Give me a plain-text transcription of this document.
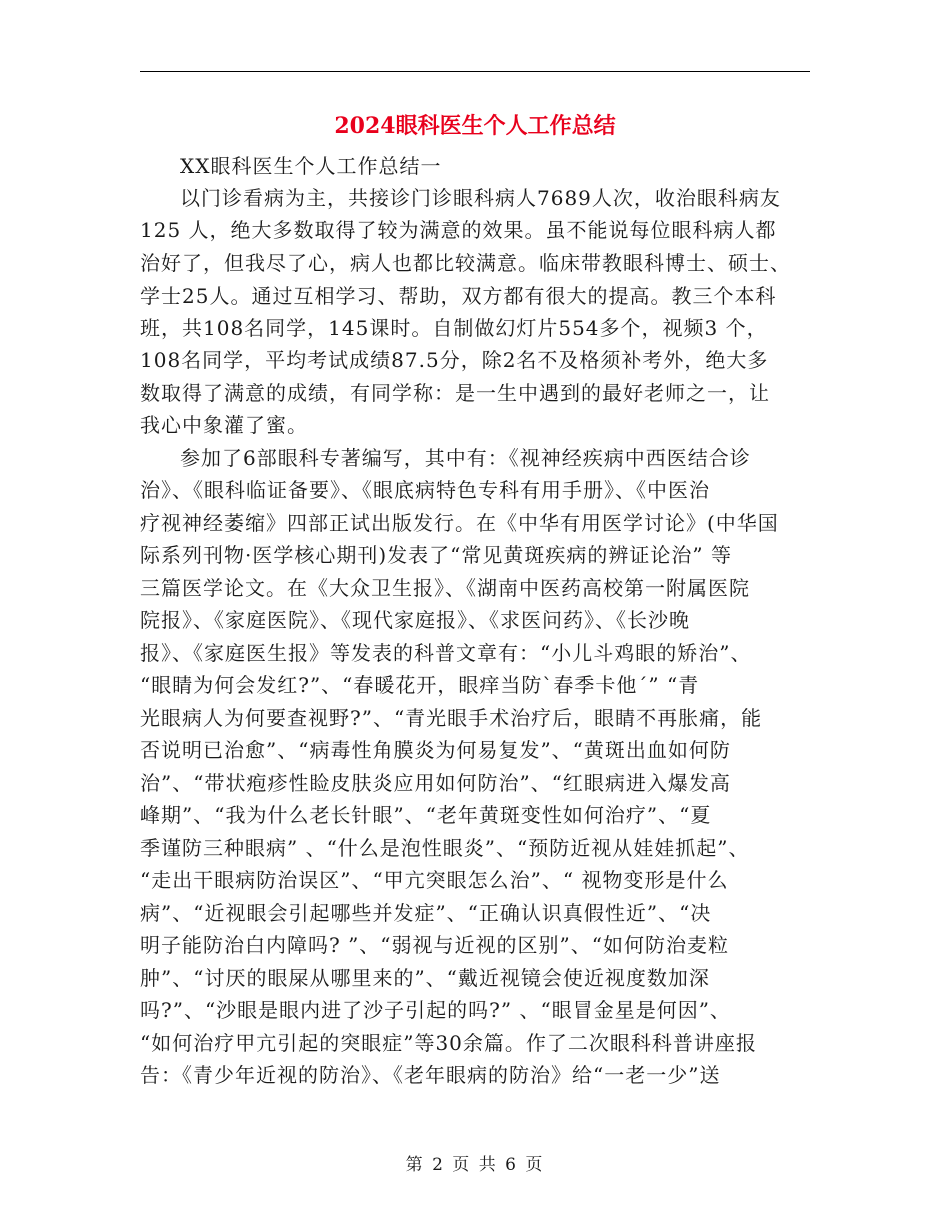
2024眼科医生个人工作总结
XX眼科医生个人工作总结一
以门诊看病为主，共接诊门诊眼科病人7689人次，收治眼科病友
125 人，绝大多数取得了较为满意的效果。虽不能说每位眼科病人都
治好了，但我尽了心，病人也都比较满意。临床带教眼科博士、硕士、
学士25人。通过互相学习、帮助，双方都有很大的提高。教三个本科
班，共108名同学，145课时。自制做幻灯片554多个，视频3 个，
108名同学，平均考试成绩87.5分，除2名不及格须补考外，绝大多
数取得了满意的成绩，有同学称：是一生中遇到的最好老师之一，让
我心中象灌了蜜。
参加了6部眼科专著编写，其中有：《视神经疾病中西医结合诊
治》、《眼科临证备要》、《眼底病特色专科有用手册》、《中医治
疗视神经萎缩》四部正试出版发行。在《中华有用医学讨论》(中华国
际系列刊物·医学核心期刊)发表了“常见黄斑疾病的辨证论治” 等
三篇医学论文。在《大众卫生报》、《湖南中医药高校第一附属医院
院报》、《家庭医院》、《现代家庭报》、《求医问药》、《长沙晚
报》、《家庭医生报》等发表的科普文章有：“小儿斗鸡眼的矫治”、
“眼睛为何会发红?”、“春暖花开，眼痒当防`春季卡他´” “青
光眼病人为何要查视野?”、“青光眼手术治疗后，眼睛不再胀痛，能
否说明已治愈”、“病毒性角膜炎为何易复发”、“黄斑出血如何防
治”、“带状疱疹性睑皮肤炎应用如何防治”、“红眼病进入爆发高
峰期”、“我为什么老长针眼”、“老年黄斑变性如何治疗”、“夏
季谨防三种眼病” 、“什么是泡性眼炎”、“预防近视从娃娃抓起”、
“走出干眼病防治误区”、“甲亢突眼怎么治”、“ 视物变形是什么
病”、“近视眼会引起哪些并发症”、“正确认识真假性近”、“决
明子能防治白内障吗? ”、“弱视与近视的区别”、“如何防治麦粒
肿”、“讨厌的眼屎从哪里来的”、“戴近视镜会使近视度数加深
吗?”、“沙眼是眼内进了沙子引起的吗?” 、“眼冒金星是何因”、
“如何治疗甲亢引起的突眼症”等30余篇。作了二次眼科科普讲座报
告：《青少年近视的防治》、《老年眼病的防治》给“一老一少”送
第 2 页 共 6 页
